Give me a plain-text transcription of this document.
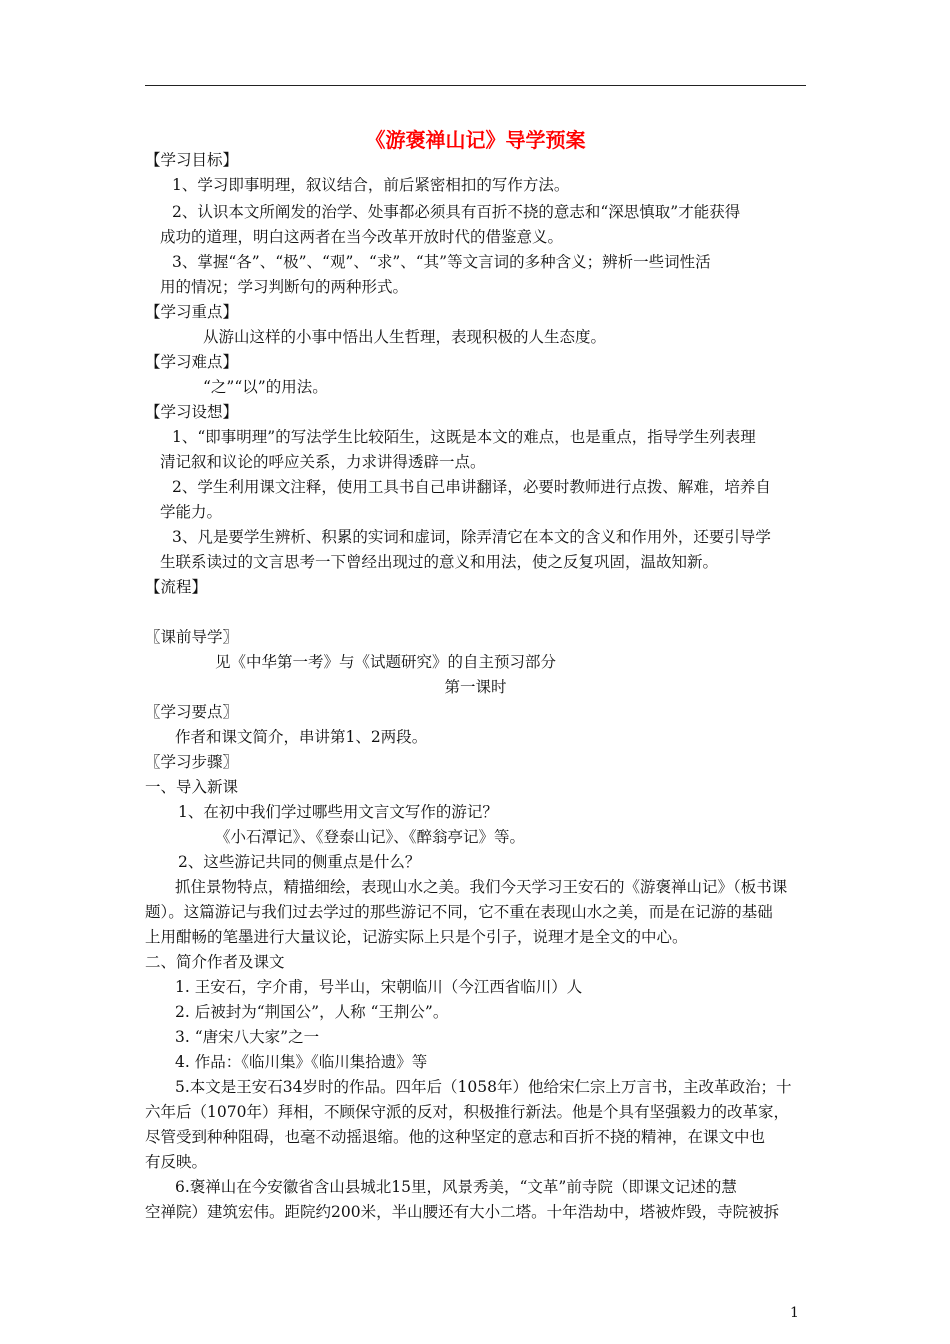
《游褒禅山记》导学预案
【学习目标】
1、学习即事明理，叙议结合，前后紧密相扣的写作方法。
2、认识本文所阐发的治学、处事都必须具有百折不挠的意志和“深思慎取”才能获得
成功的道理，明白这两者在当今改革开放时代的借鉴意义。
3、掌握“各”、“极”、“观”、“求”、“其”等文言词的多种含义；辨析一些词性活
用的情况；学习判断句的两种形式。
【学习重点】
从游山这样的小事中悟出人生哲理，表现积极的人生态度。
【学习难点】
“之”“以”的用法。
【学习设想】
1、“即事明理”的写法学生比较陌生，这既是本文的难点，也是重点，指导学生列表理
清记叙和议论的呼应关系，力求讲得透辟一点。
2、学生利用课文注释，使用工具书自己串讲翻译，必要时教师进行点拨、解难，培养自
学能力。
3、凡是要学生辨析、积累的实词和虚词，除弄清它在本文的含义和作用外，还要引导学
生联系读过的文言思考一下曾经出现过的意义和用法，使之反复巩固，温故知新。
【流程】
〖课前导学〗
见《中华第一考》与《试题研究》的自主预习部分
第一课时
〖学习要点〗
作者和课文简介，串讲第1、2两段。
〖学习步骤〗
一、导入新课
1、在初中我们学过哪些用文言文写作的游记？
《小石潭记》、《登泰山记》、《醉翁亭记》等。
2、这些游记共同的侧重点是什么？
抓住景物特点，精描细绘，表现山水之美。我们今天学习王安石的《游褒禅山记》（板书课
题）。这篇游记与我们过去学过的那些游记不同，它不重在表现山水之美，而是在记游的基础
上用酣畅的笔墨进行大量议论，记游实际上只是个引子，说理才是全文的中心。
二、简介作者及课文
1. 王安石，字介甫，号半山，宋朝临川（今江西省临川）人
2. 后被封为“荆国公”，人称 “王荆公”。
3. “唐宋八大家”之一
4. 作品：《临川集》《临川集拾遗》等
5.本文是王安石34岁时的作品。四年后（1058年）他给宋仁宗上万言书，主改革政治；十
六年后（1070年）拜相，不顾保守派的反对，积极推行新法。他是个具有坚强毅力的改革家，
尽管受到种种阻碍，也毫不动摇退缩。他的这种坚定的意志和百折不挠的精神，在课文中也
有反映。
6.褒禅山在今安徽省含山县城北15里，风景秀美，“文革”前寺院（即课文记述的慧
空禅院）建筑宏伟。距院约200米，半山腰还有大小二塔。十年浩劫中，塔被炸毁，寺院被拆
1
